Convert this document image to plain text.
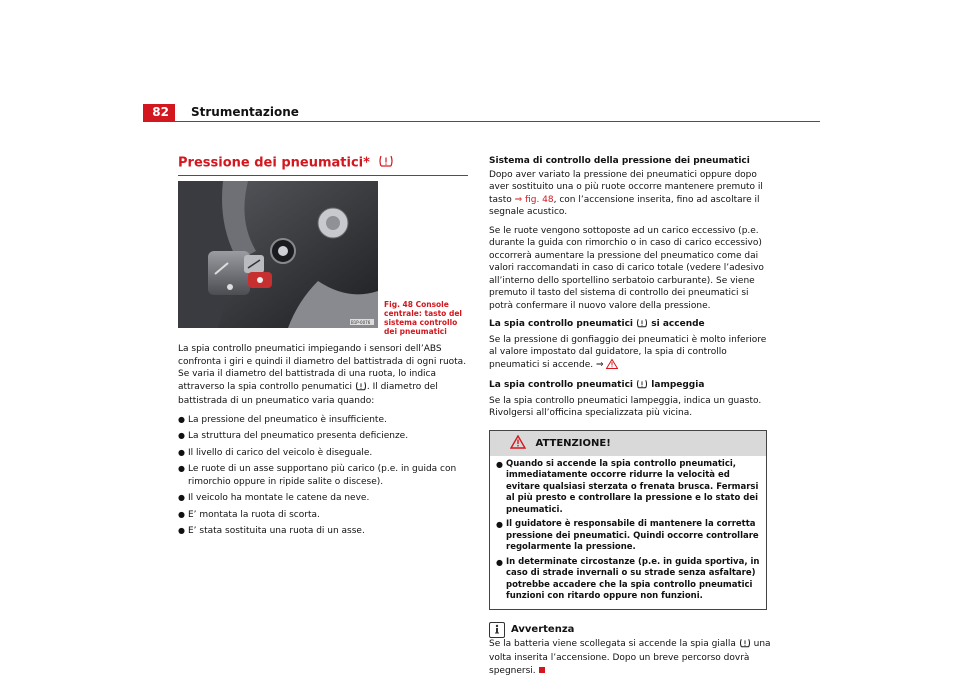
82	Strumentazione
Pressione dei pneumatici*
B1P-0076
Fig. 48 Console centrale: tasto del sistema controllo dei pneumatici

La spia controllo pneumatici impiegando i sensori dell’ABS confronta i giri e quindi il diametro del battistrada di ogni ruota. Se varia il diametro del battistrada di una ruota, lo indica attraverso la spia controllo penumatici . Il diametro del battistrada di un pneumatico varia quando:

● La pressione del pneumatico è insufficiente.
● La struttura del pneumatico presenta deficienze.
● Il livello di carico del veicolo è diseguale.
● Le ruote di un asse supportano più carico (p.e. in guida con rimorchio oppure in ripide salite o discese).
● Il veicolo ha montate le catene da neve.
● E’ montata la ruota di scorta.
● E’ stata sostituita una ruota di un asse.
Sistema di controllo della pressione dei pneumatici

Dopo aver variato la pressione dei pneumatici oppure dopo aver sostituito una o più ruote occorre mantenere premuto il tasto ⇒ fig. 48, con l’accensione inserita, fino ad ascoltare il segnale acustico.

Se le ruote vengono sottoposte ad un carico eccessivo (p.e. durante la guida con rimorchio o in caso di carico eccessivo) occorrerà aumentare la pressione del pneumatico come dai valori raccomandati in caso di carico totale (vedere l’adesivo all’interno dello sportellino serbatoio carburante). Se viene premuto il tasto del sistema di controllo dei pneumatici si potrà confermare il nuovo valore della pressione.

La spia controllo pneumatici si accende

Se la pressione di gonfiaggio dei pneumatici è molto inferiore al valore impostato dal guidatore, la spia di controllo pneumatici si accende. ⇒

La spia controllo pneumatici lampeggia

Se la spia controllo pneumatici lampeggia, indica un guasto. Rivolgersi all’officina specializzata più vicina.

ATTENZIONE!
● Quando si accende la spia controllo pneumatici, immediatamente occorre ridurre la velocità ed evitare qualsiasi sterzata o frenata brusca. Fermarsi al più presto e controllare la pressione e lo stato dei pneumatici.
● Il guidatore è responsabile di mantenere la corretta pressione dei pneumatici. Quindi occorre controllare regolarmente la pressione.
● In determinate circostanze (p.e. in guida sportiva, in caso di strade invernali o su strade senza asfaltare) potrebbe accadere che la spia controllo pneumatici funzioni con ritardo oppure non funzioni.
Avvertenza

Se la batteria viene scollegata si accende la spia gialla una volta inserita l’accensione. Dopo un breve percorso dovrà spegnersi.
